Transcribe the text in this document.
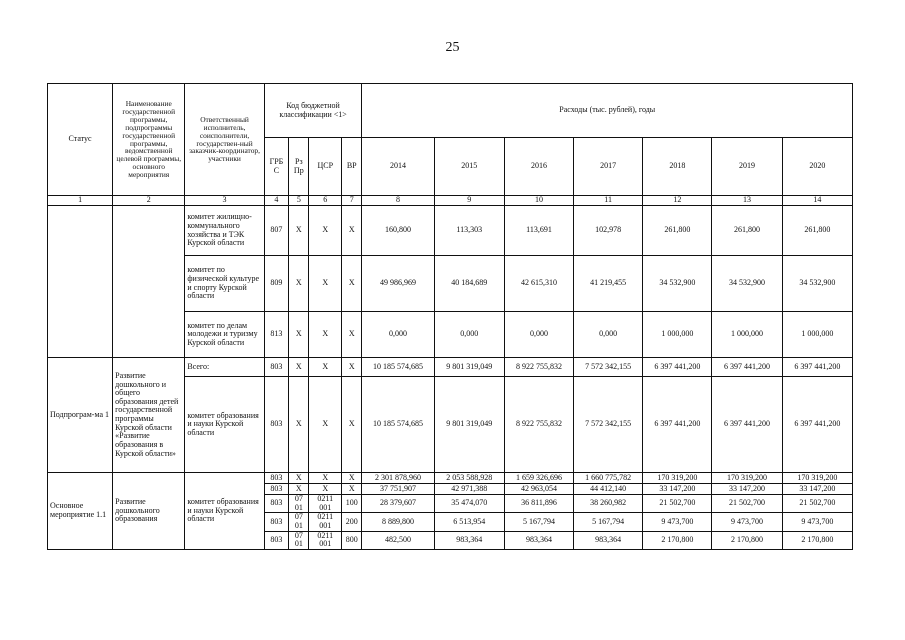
25
Статус	Наименование государственной программы, подпрограммы государственной программы, ведомственной целевой программы, основного мероприятия	Ответственный исполнитель, соисполнители, государствен-ный заказчик-координатор, участники	Код бюджетной классификации <1>				Расходы (тыс. рублей), годы						
			ГРБ С	Рз Пр	ЦСР	ВР	2014	2015	2016	2017	2018	2019	2020
1	2	3	4	5	6	7	8	9	10	11	12	13	14
		комитет жилищно-коммунального хозяйства и ТЭК Курской области	807	Х	Х	Х	160,800	113,303	113,691	102,978	261,800	261,800	261,800
		комитет по физической культуре и спорту Курской области	809	Х	Х	Х	49 986,969	40 184,689	42 615,310	41 219,455	34 532,900	34 532,900	34 532,900
		комитет по делам молодежи и туризму Курской области	813	Х	Х	Х	0,000	0,000	0,000	0,000	1 000,000	1 000,000	1 000,000
Подпрограм-ма 1	Развитие дошкольного и общего образования детей государственной программы Курской области «Развитие образования в Курской области»	Всего:	803	Х	Х	Х	10 185 574,685	9 801 319,049	8 922 755,832	7 572 342,155	6 397 441,200	6 397 441,200	6 397 441,200
		комитет образования и науки Курской области	803	Х	Х	Х	10 185 574,685	9 801 319,049	8 922 755,832	7 572 342,155	6 397 441,200	6 397 441,200	6 397 441,200
Основное мероприятие 1.1	Развитие дошкольного образования	комитет образования и науки Курской области	803	Х	Х	Х	2 301 878,960	2 053 588,928	1 659 326,696	1 660 775,782	170 319,200	170 319,200	170 319,200
			803	Х	Х	Х	37 751,907	42 971,388	42 963,054	44 412,140	33 147,200	33 147,200	33 147,200
			803	07 01	0211 001	100	28 379,607	35 474,070	36 811,896	38 260,982	21 502,700	21 502,700	21 502,700
			803	07 01	0211 001	200	8 889,800	6 513,954	5 167,794	5 167,794	9 473,700	9 473,700	9 473,700
			803	07 01	0211 001	800	482,500	983,364	983,364	983,364	2 170,800	2 170,800	2 170,800
